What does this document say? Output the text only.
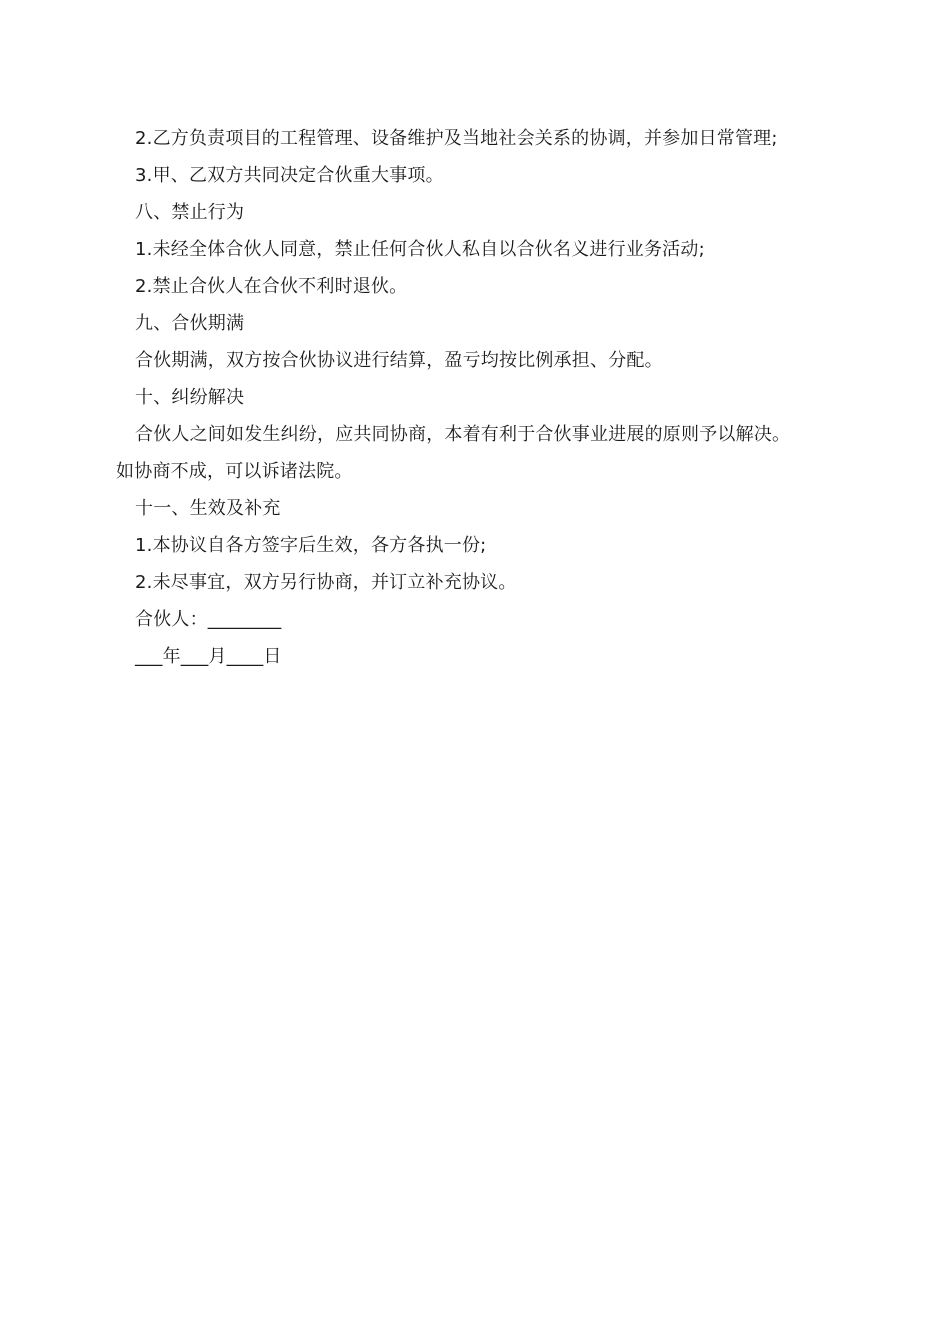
2.乙方负责项目的工程管理、设备维护及当地社会关系的协调，并参加日常管理;
3.甲、乙双方共同决定合伙重大事项。
八、禁止行为
1.未经全体合伙人同意，禁止任何合伙人私自以合伙名义进行业务活动;
2.禁止合伙人在合伙不利时退伙。
九、合伙期满
合伙期满，双方按合伙协议进行结算，盈亏均按比例承担、分配。
十、纠纷解决
合伙人之间如发生纠纷，应共同协商，本着有利于合伙事业进展的原则予以解决。
如协商不成，可以诉诸法院。
十一、生效及补充
1.本协议自各方签字后生效，各方各执一份;
2.未尽事宜，双方另行协商，并订立补充协议。
合伙人：________
___年___月____日
